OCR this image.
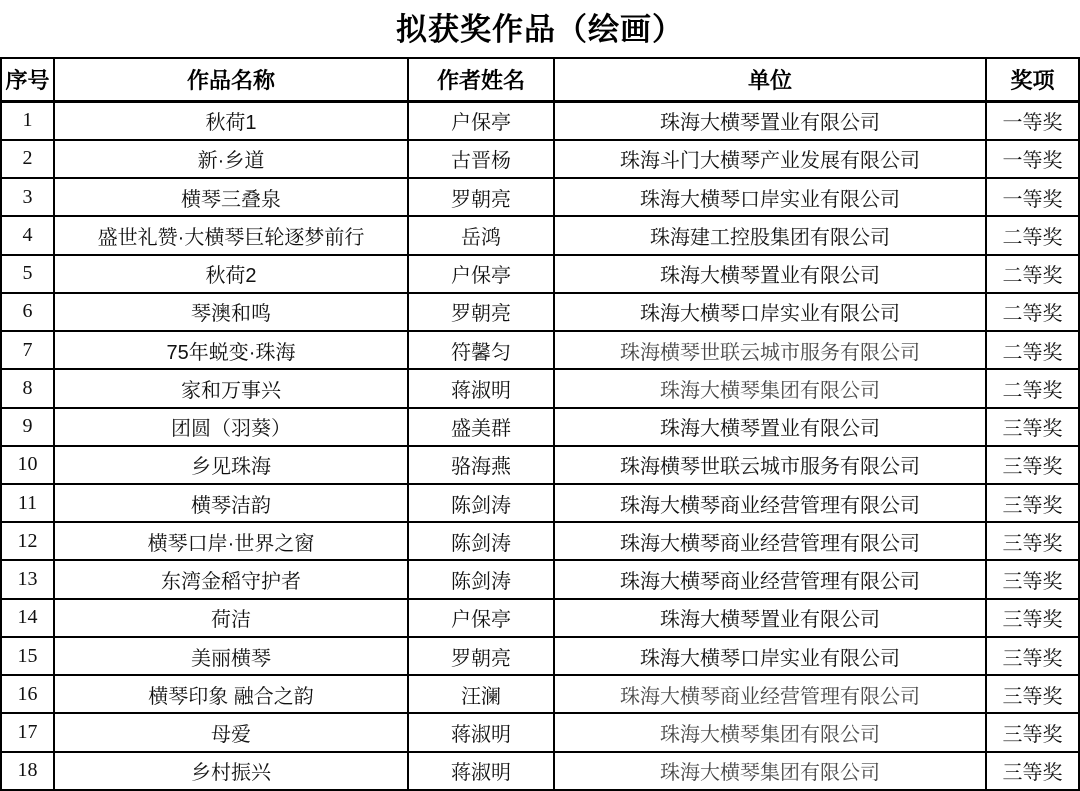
拟获奖作品（绘画）
序号	作品名称	作者姓名	单位	奖项
1	秋荷1	户保亭	珠海大横琴置业有限公司	一等奖
2	新·乡道	古晋杨	珠海斗门大横琴产业发展有限公司	一等奖
3	横琴三叠泉	罗朝亮	珠海大横琴口岸实业有限公司	一等奖
4	盛世礼赞·大横琴巨轮逐梦前行	岳鸿	珠海建工控股集团有限公司	二等奖
5	秋荷2	户保亭	珠海大横琴置业有限公司	二等奖
6	琴澳和鸣	罗朝亮	珠海大横琴口岸实业有限公司	二等奖
7	75年蜕变·珠海	符馨匀	珠海横琴世联云城市服务有限公司	二等奖
8	家和万事兴	蒋淑明	珠海大横琴集团有限公司	二等奖
9	团圆（羽葵）	盛美群	珠海大横琴置业有限公司	三等奖
10	乡见珠海	骆海燕	珠海横琴世联云城市服务有限公司	三等奖
11	横琴洁韵	陈剑涛	珠海大横琴商业经营管理有限公司	三等奖
12	横琴口岸·世界之窗	陈剑涛	珠海大横琴商业经营管理有限公司	三等奖
13	东湾金稻守护者	陈剑涛	珠海大横琴商业经营管理有限公司	三等奖
14	荷洁	户保亭	珠海大横琴置业有限公司	三等奖
15	美丽横琴	罗朝亮	珠海大横琴口岸实业有限公司	三等奖
16	横琴印象 融合之韵	汪澜	珠海大横琴商业经营管理有限公司	三等奖
17	母爱	蒋淑明	珠海大横琴集团有限公司	三等奖
18	乡村振兴	蒋淑明	珠海大横琴集团有限公司	三等奖
